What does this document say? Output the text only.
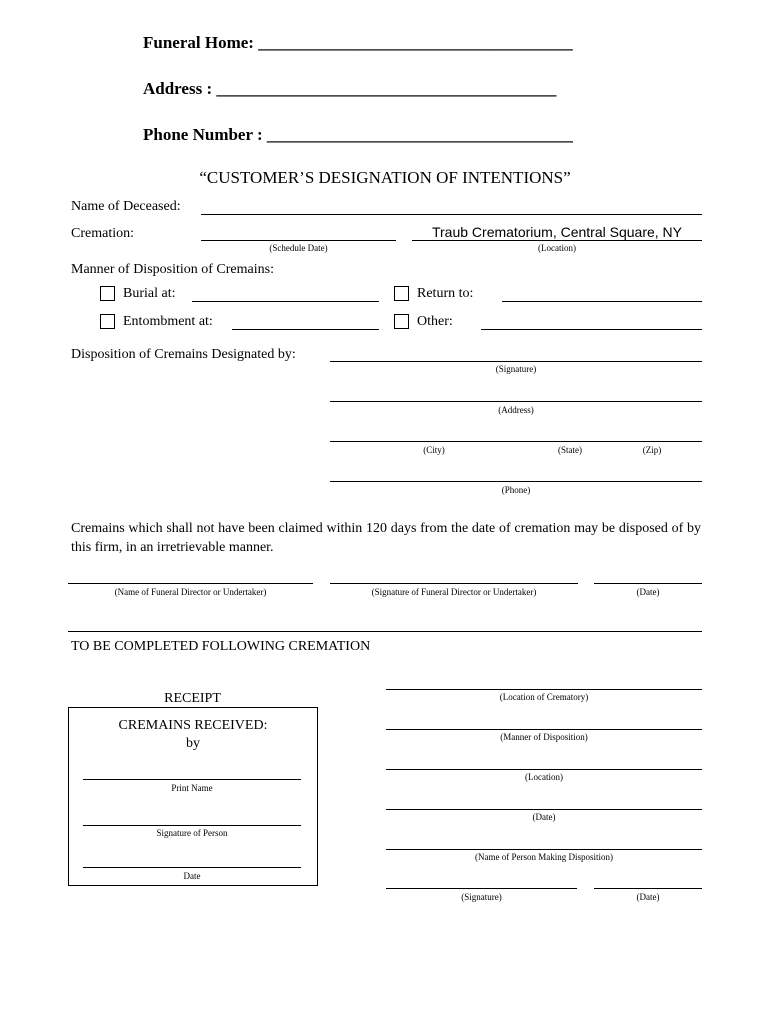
Funeral Home: _____________________________________
Address : ________________________________________
Phone Number : ____________________________________
“CUSTOMER’S DESIGNATION OF INTENTIONS”
Name of Deceased:
Cremation:
(Schedule Date)
Traub Crematorium, Central Square, NY
(Location)
Manner of Disposition of Cremains:
Burial at:	Return to:
Entombment at:	Other:
Disposition of Cremains Designated by:
(Signature)
(Address)
(City)	(State)	(Zip)
(Phone)
Cremains which shall not have been claimed within 120 days from the date of cremation may be disposed of by this firm, in an irretrievable manner.
(Name of Funeral Director or Undertaker)	(Signature of Funeral Director or Undertaker)	(Date)
TO BE COMPLETED FOLLOWING CREMATION
RECEIPT
CREMAINS RECEIVED:
by
Print Name
Signature of Person
Date
(Location of Crematory)
(Manner of Disposition)
(Location)
(Date)
(Name of Person Making Disposition)
(Signature)	(Date)
